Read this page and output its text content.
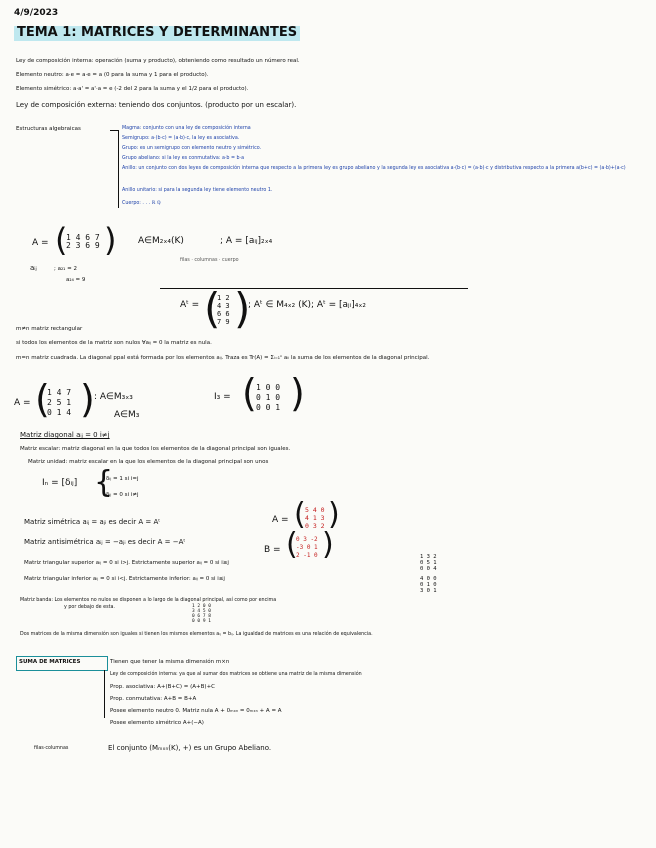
4/9/2023
TEMA 1: MATRICES Y DETERMINANTES
Ley de composición interna: operación (suma y producto), obteniendo como resultado un número real.
Elemento neutro: a·e = a·e = a (0 para la suma y 1 para el producto).
Elemento simétrico: a·a' = a'·a = e (-2 del 2 para la suma y el 1/2 para el producto).
Ley de composición externa: teniendo dos conjuntos. (producto por un escalar).
Estructuras algebraicas	Magma: conjunto con una ley de composición interna
Semigrupo: a·(b·c) = (a·b)·c, la ley es asociativa.
Grupo: es un semigrupo con elemento neutro y simétrico.
Grupo abeliano: si la ley es conmutativa: a·b = b·a
Anillo: un conjunto con dos leyes de composición interna que respecto a la primera ley es grupo abeliano y la segunda ley es asociativa a·(b·c) = (a·b)·c y distributiva respecto a la primera a(b+c) = (a·b)+(a·c)
Anillo unitario: si para la segunda ley tiene elemento neutro 1.
Cuerpo: . . . ℝ ℚ
A = (
1 4 6 7
2 3 6 9 ) A∈M₂ₓ₄(K)	; A = [aᵢⱼ]₂ₓ₄
aᵢⱼ	; a₂₁ = 2
a₂₄ = 9
filas · columnas · cuerpo
Aᵗ = (
1 2
4 3
6 6
7 9 )
; Aᵗ ∈ M₄ₓ₂ (K); Aᵗ = [aⱼᵢ]₄ₓ₂
m≠n matriz rectangular
si todos los elementos de la matriz son nulos ∀aᵢⱼ = 0 la matriz es nula.
m=n matriz cuadrada. La diagonal ppal está formada por los elementos aᵢⱼ. Traza es Tr(A) = Σᵢ₌₁ⁿ aᵢᵢ la suma de los elementos de la diagonal principal.
A = (
1 4 7
2 5 1
0 1 4 ) : A∈M₃ₓ₃
A∈M₃
I₃ = ( 1 0 0
0 1 0
0 0 1 )
Matriz diagonal aᵢⱼ = 0 i≠j
Matriz escalar: matriz diagonal en la que todos los elementos de la diagonal principal son iguales.
Matriz unidad: matriz escalar en la que los elementos de la diagonal principal son unos
Iₙ = [δᵢⱼ] {
δᵢⱼ = 1 si i=j
δᵢⱼ = 0 si i≠j
Matriz simétrica aᵢⱼ = aⱼᵢ es decir A = Aᵗ	A = ( 5 4 0
4 1 3
0 3 2 )
Matriz antisimétrica aᵢⱼ = −aⱼᵢ es decir A = −Aᵗ
B = (
0 3 -2
-3 0 1
2 -1 0 )
Matriz triangular superior aᵢⱼ = 0 si i>j. Estrictamente superior aᵢⱼ = 0 si i≥j
1 3 2
0 5 1
0 0 4
Matriz triangular inferior aᵢⱼ = 0 si i<j. Estrictamente inferior: aᵢⱼ = 0 si i≤j	4 0 0
0 1 0
3 0 1
Matriz banda: Los elementos no nulos se disponen a lo largo de la diagonal principal, así como por encima
y por debajo de esta.	1 2 0 0
3 4 5 0
0 6 7 8
0 0 9 1
Dos matrices de la misma dimensión son iguales si tienen los mismos elementos aᵢⱼ = bᵢⱼ. La igualdad de matrices es una relación de equivalencia.
SUMA DE MATRICES	Tienen que tener la misma dimensión m×n
Ley de composición interna: ya que al sumar dos matrices se obtiene una matriz de la misma dimensión
Prop. asociativa: A+(B+C) = (A+B)+C
Prop. conmutativa: A+B = B+A
Posee elemento neutro 0. Matriz nula A + 0ₘₓₙ = 0ₘₓₙ + A = A
Posee elemento simétrico A+(−A)
filas·columnas	El conjunto (Mₘₓₙ(K), +) es un Grupo Abeliano.
